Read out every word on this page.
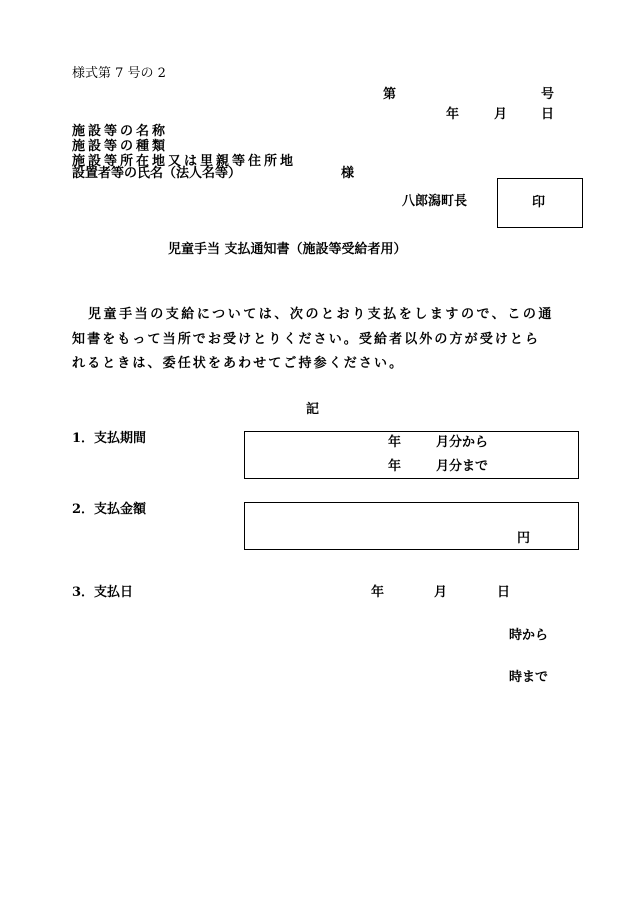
様式第 7 号の 2
第	号
年	月	日
施設等の名称
施設等の種類
施設等所在地又は里親等住所地
設置者等の氏名（法人名等）	様
八郎潟町長	印
児童手当 支払通知書（施設等受給者用）
児童手当の支給については、次のとおり支払をしますので、この通
知書をもって当所でお受けとりください。受給者以外の方が受けとら
れるときは、委任状をあわせてご持参ください。
記
1．支払期間	年	月分から
年	月分まで
2．支払金額
円
3．支払日	年	月	日
時から
時まで
